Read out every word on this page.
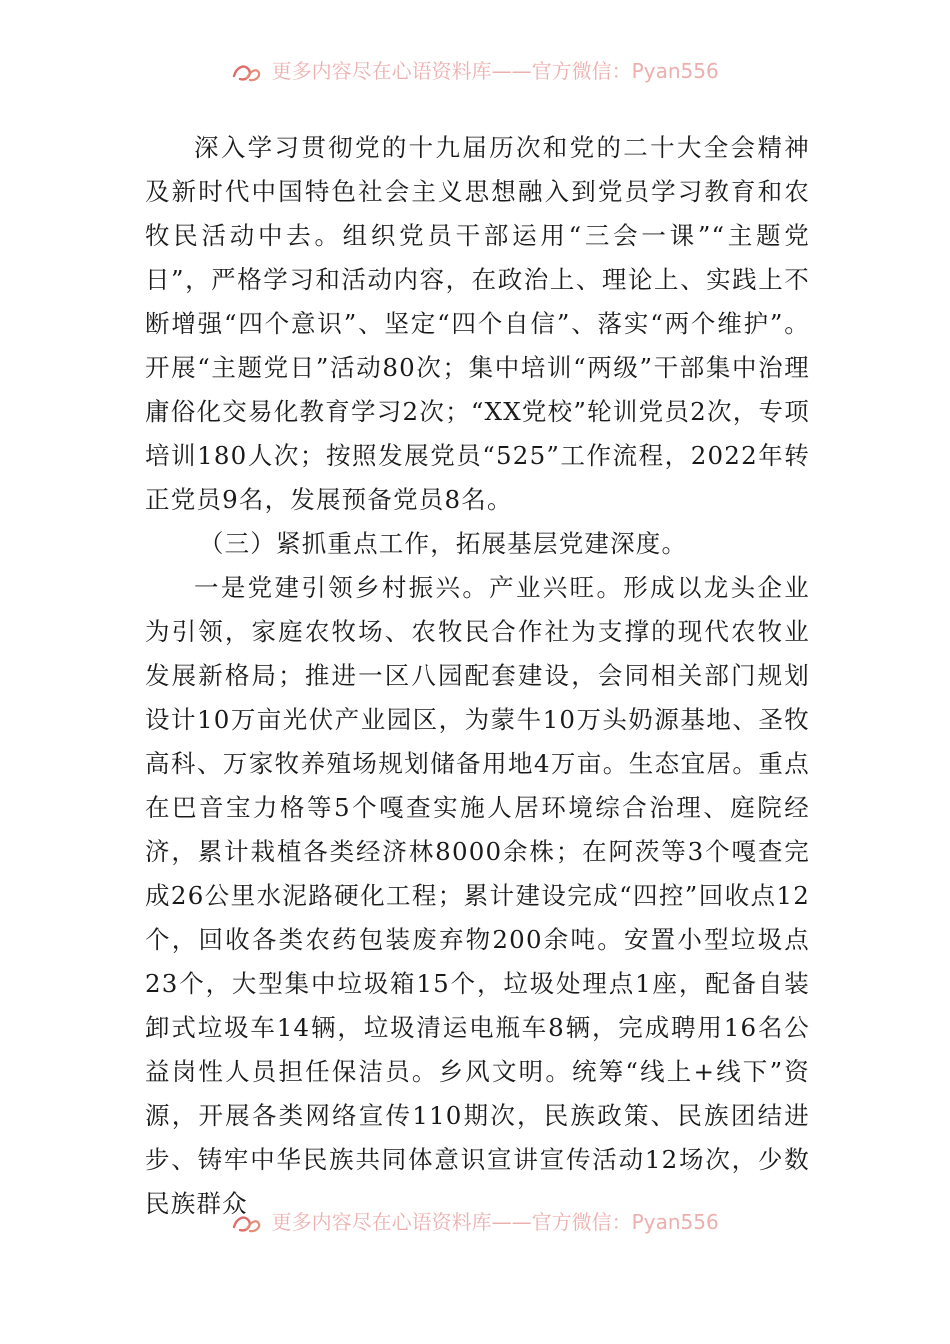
更多内容尽在心语资料库——官方微信：Pyan556

深入学习贯彻党的十九届历次和党的二十大全会精神及新时代中国特色社会主义思想融入到党员学习教育和农牧民活动中去。组织党员干部运用“三会一课”“主题党日”，严格学习和活动内容，在政治上、理论上、实践上不断增强“四个意识”、坚定“四个自信”、落实“两个维护”。开展“主题党日”活动80次；集中培训“两级”干部集中治理庸俗化交易化教育学习2次；“XX党校”轮训党员2次，专项培训180人次；按照发展党员“525”工作流程，2022年转正党员9名，发展预备党员8名。

（三）紧抓重点工作，拓展基层党建深度。

一是党建引领乡村振兴。产业兴旺。形成以龙头企业为引领，家庭农牧场、农牧民合作社为支撑的现代农牧业发展新格局；推进一区八园配套建设，会同相关部门规划设计10万亩光伏产业园区，为蒙牛10万头奶源基地、圣牧高科、万家牧养殖场规划储备用地4万亩。生态宜居。重点在巴音宝力格等5个嘎查实施人居环境综合治理、庭院经济，累计栽植各类经济林8000余株；在阿茨等3个嘎查完成26公里水泥路硬化工程；累计建设完成“四控”回收点12个，回收各类农药包装废弃物200余吨。安置小型垃圾点23个，大型集中垃圾箱15个，垃圾处理点1座，配备自装卸式垃圾车14辆，垃圾清运电瓶车8辆，完成聘用16名公益岗性人员担任保洁员。乡风文明。统筹“线上+线下”资源，开展各类网络宣传110期次，民族政策、民族团结进步、铸牢中华民族共同体意识宣讲宣传活动12场次，少数民族群众

更多内容尽在心语资料库——官方微信：Pyan556
